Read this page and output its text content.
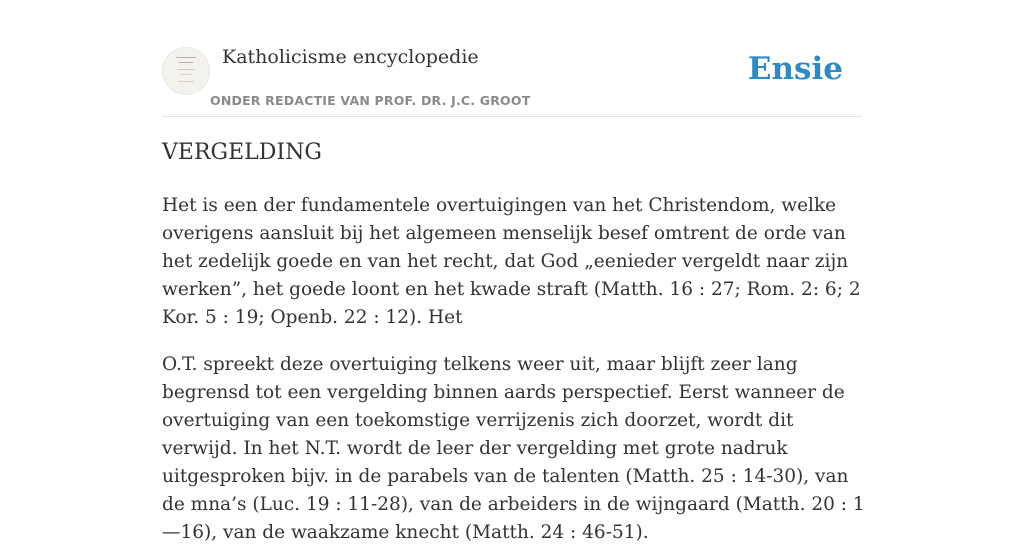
Katholicisme encyclopedie
ONDER REDACTIE VAN PROF. DR. J.C. GROOT
Ensie
VERGELDING

Het is een der fundamentele overtuigingen van het Christendom, welke overigens aansluit bij het algemeen menselijk besef omtrent de orde van het zedelijk goede en van het recht, dat God „eenieder vergeldt naar zijn werken”, het goede loont en het kwade straft (Matth. 16 : 27; Rom. 2: 6; 2 Kor. 5 : 19; Openb. 22 : 12). Het

O.T. spreekt deze overtuiging telkens weer uit, maar blijft zeer lang begrensd tot een vergelding binnen aards perspectief. Eerst wanneer de overtuiging van een toekomstige verrijzenis zich doorzet, wordt dit verwijd. In het N.T. wordt de leer der vergelding met grote nadruk uitgesproken bijv. in de parabels van de talenten (Matth. 25 : 14-30), van de mna’s (Luc. 19 : 11-28), van de arbeiders in de wijngaard (Matth. 20 : 1—16), van de waakzame knecht (Matth. 24 : 46-51).
